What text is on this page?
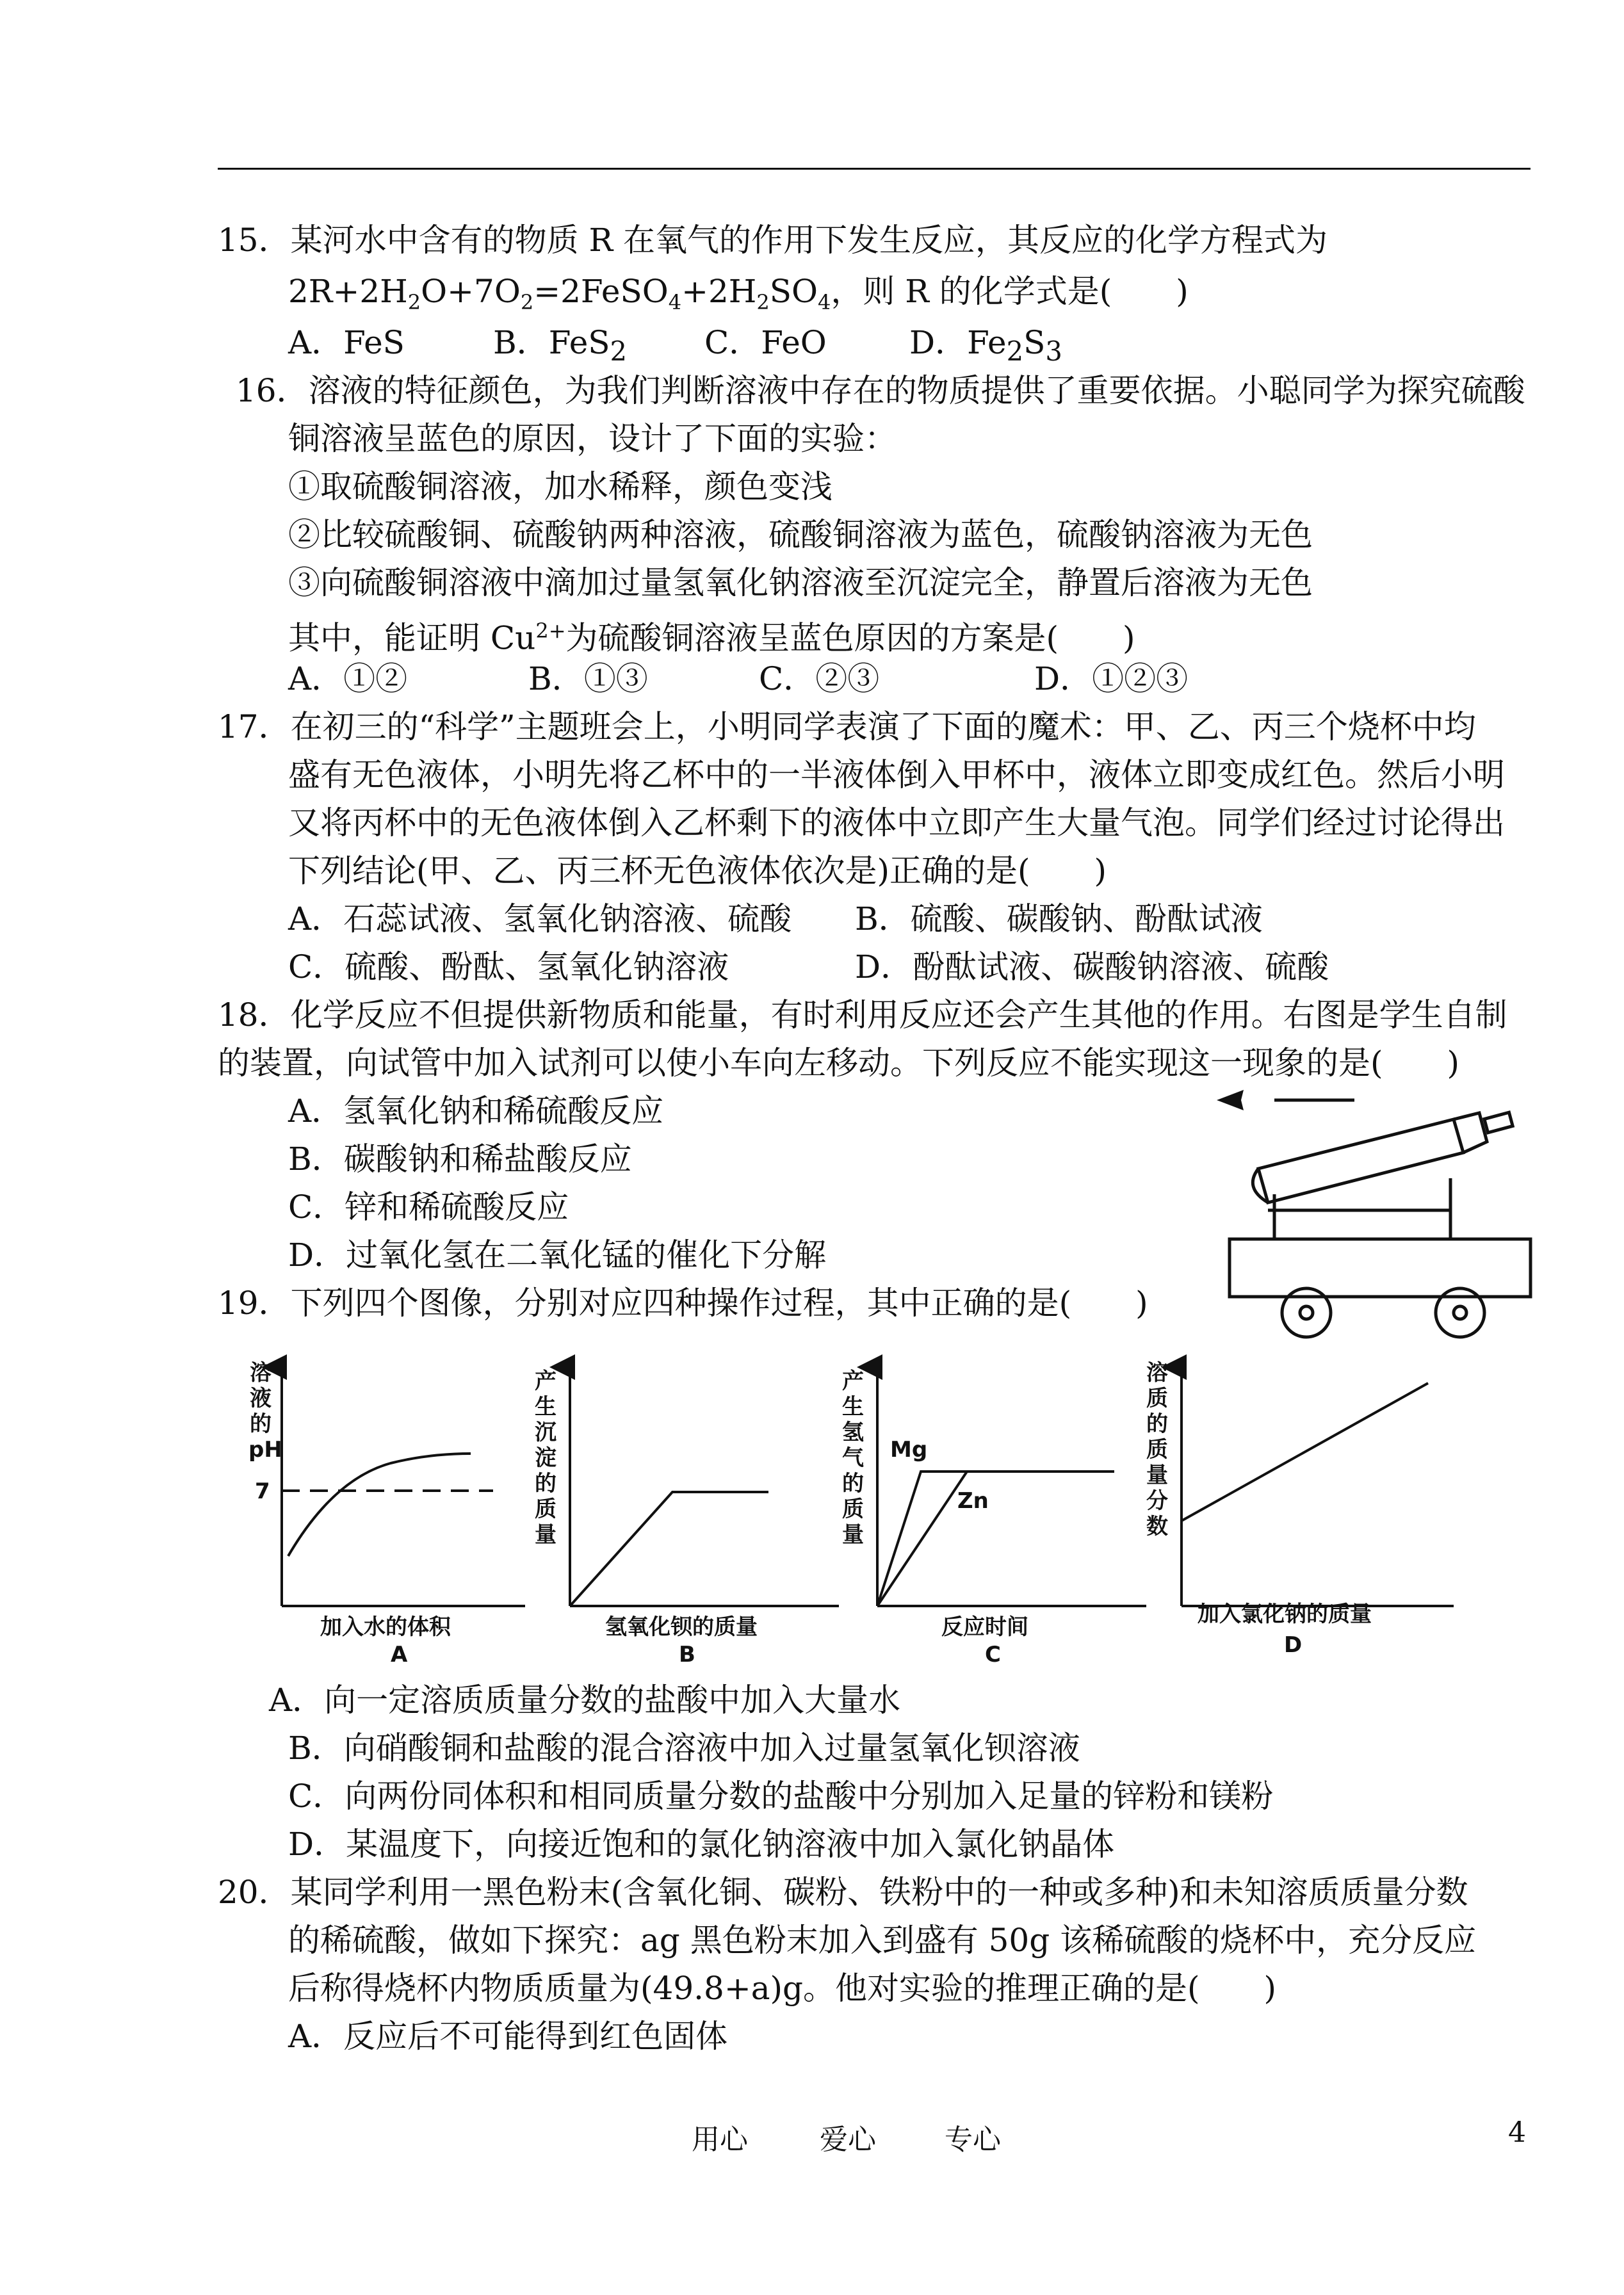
15．某河水中含有的物质 R 在氧气的作用下发生反应，其反应的化学方程式为
$2R+2H_2O+7O_2=2FeSO_4+2H_2SO_4$，则 R 的化学式是(　　)
A．FeS	B．FeS$_2$ C．FeO	D．$Fe_2S_3$
16．溶液的特征颜色，为我们判断溶液中存在的物质提供了重要依据。小聪同学为探究硫酸
铜溶液呈蓝色的原因，设计了下面的实验：
①取硫酸铜溶液，加水稀释，颜色变浅
②比较硫酸铜、硫酸钠两种溶液，硫酸铜溶液为蓝色，硫酸钠溶液为无色
③向硫酸铜溶液中滴加过量氢氧化钠溶液至沉淀完全，静置后溶液为无色
其中，能证明 $Cu^{2+}$为硫酸铜溶液呈蓝色原因的方案是(　　)
A．①②	B．①③	C．②③	D．①②③
17．在初三的“科学”主题班会上，小明同学表演了下面的魔术：甲、乙、丙三个烧杯中均
盛有无色液体，小明先将乙杯中的一半液体倒入甲杯中，液体立即变成红色。然后小明
又将丙杯中的无色液体倒入乙杯剩下的液体中立即产生大量气泡。同学们经过讨论得出
下列结论(甲、乙、丙三杯无色液体依次是)正确的是(　　)
A．石蕊试液、氢氧化钠溶液、硫酸 B．硫酸、碳酸钠、酚酞试液
C．硫酸、酚酞、氢氧化钠溶液	D．酚酞试液、碳酸钠溶液、硫酸
18．化学反应不但提供新物质和能量，有时利用反应还会产生其他的作用。右图是学生自制
的装置，向试管中加入试剂可以使小车向左移动。下列反应不能实现这一现象的是(　　)
A．氢氧化钠和稀硫酸反应
B．碳酸钠和稀盐酸反应
C．锌和稀硫酸反应
D．过氧化氢在二氧化锰的催化下分解
19．下列四个图像，分别对应四种操作过程，其中正确的是(　　)
溶
液
的
pH
7
加入水的体积
A
产
生
沉
淀
的
质
量
氢氧化钡的质量
B
产
生
氢
气
的
质
量
Mg
Zn
反应时间
C
溶
质
的
质
量
分
数
加入氯化钠的质量
D
A．向一定溶质质量分数的盐酸中加入大量水
B．向硝酸铜和盐酸的混合溶液中加入过量氢氧化钡溶液
C．向两份同体积和相同质量分数的盐酸中分别加入足量的锌粉和镁粉
D．某温度下，向接近饱和的氯化钠溶液中加入氯化钠晶体
20．某同学利用一黑色粉末(含氧化铜、碳粉、铁粉中的一种或多种)和未知溶质质量分数
的稀硫酸，做如下探究：ag 黑色粉末加入到盛有 50g 该稀硫酸的烧杯中，充分反应
后称得烧杯内物质质量为(49.8+a)g。他对实验的推理正确的是(　　)
A．反应后不可能得到红色固体
用心	爱心 专心	4
